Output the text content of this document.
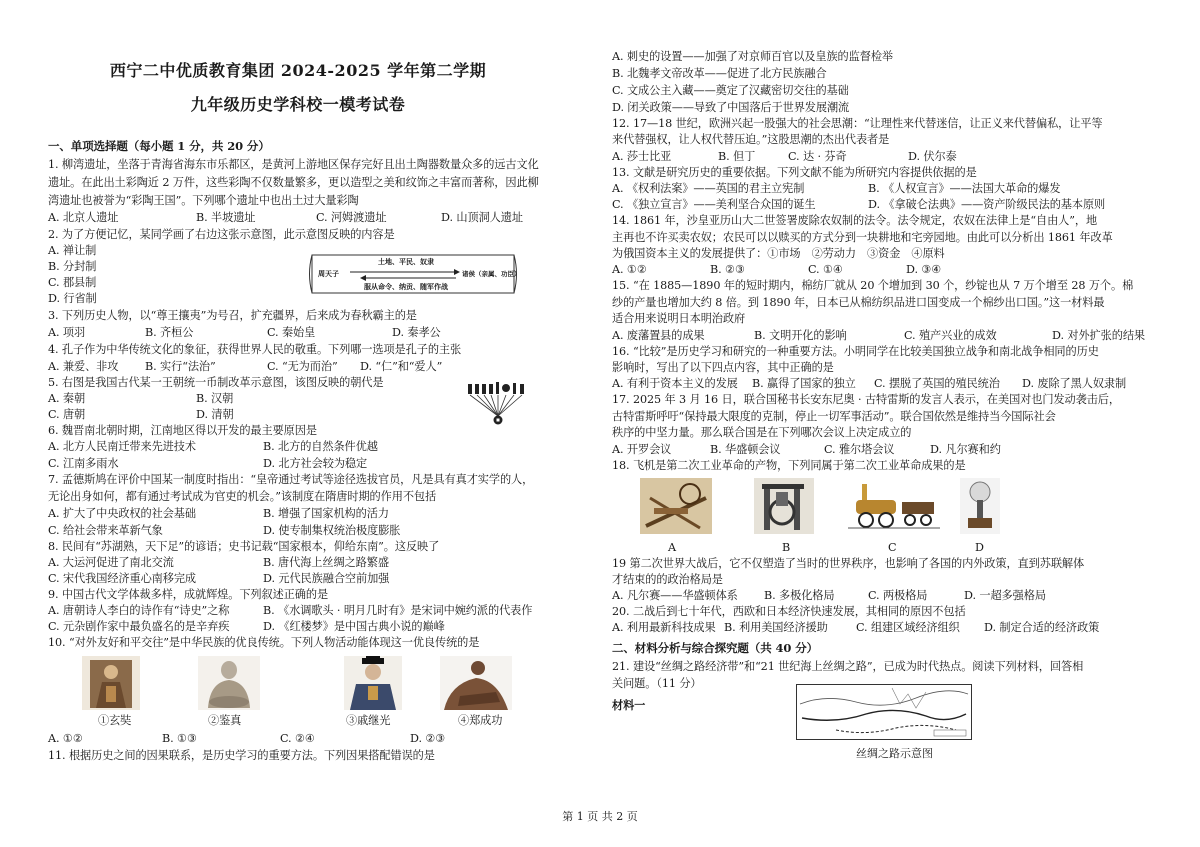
西宁二中优质教育集团 2024-2025 学年第二学期
九年级历史学科校一模考试卷
一、单项选择题（每小题 1 分，共 20 分）
1. 柳湾遗址，坐落于青海省海东市乐都区，是黄河上游地区保存完好且出土陶器数量众多的远古文化
遗址。在此出土彩陶近 2 万件，这些彩陶不仅数量繁多，更以造型之美和纹饰之丰富而著称，因此柳
湾遗址也被誉为“彩陶王国”。下列哪个遗址中也出土过大量彩陶
A. 北京人遗址	B. 半坡遗址	C. 河姆渡遗址	D. 山顶洞人遗址
2. 为了方便记忆，某同学画了右边这张示意图，此示意图反映的内容是
A. 禅让制
B. 分封制
C. 郡县制
D. 行省制
土地、平民、奴隶
周天子	诸侯（亲属、功臣）
服从命令、纳贡、随军作战
3. 下列历史人物，以“尊王攘夷”为号召，扩充疆界，后来成为春秋霸主的是
A. 项羽	B. 齐桓公	C. 秦始皇	D. 秦孝公
4. 孔子作为中华传统文化的象征，获得世界人民的敬重。下列哪一选项是孔子的主张
A. 兼爱、非攻 B. 实行“法治”	C. “无为而治” D. “仁”和“爱人”
5. 右图是我国古代某一王朝统一币制改革示意图，该图反映的朝代是
A. 秦朝	B. 汉朝
C. 唐朝	D. 清朝
6. 魏晋南北朝时期，江南地区得以开发的最主要原因是
A. 北方人民南迁带来先进技术	B. 北方的自然条件优越
C. 江南多雨水	D. 北方社会较为稳定
7. 孟德斯鸠在评价中国某一制度时指出：“皇帝通过考试等途径选拔官员，凡是具有真才实学的人，
无论出身如何，都有通过考试成为官吏的机会。”该制度在隋唐时期的作用不包括
A. 扩大了中央政权的社会基础	B. 增强了国家机构的活力
C. 给社会带来革新气象	D. 使专制集权统治极度膨胀
8. 民间有“苏湖熟，天下足”的谚语；史书记载“国家根本，仰给东南”。这反映了
A. 大运河促进了南北交流	B. 唐代海上丝绸之路繁盛
C. 宋代我国经济重心南移完成	D. 元代民族融合空前加强
9. 中国古代文学体裁多样，成就辉煌。下列叙述正确的是
A. 唐朝诗人李白的诗作有“诗史”之称	B. 《水调歌头 · 明月几时有》是宋词中婉约派的代表作
C. 元杂剧作家中最负盛名的是辛弃疾	D. 《红楼梦》是中国古典小说的巅峰
10. “对外友好和平交往”是中华民族的优良传统。下列人物活动能体现这一优良传统的是
①玄奘	②鉴真	③戚继光	④郑成功
A. ①②	B. ①③	C. ②④	D. ②③
11. 根据历史之间的因果联系，是历史学习的重要方法。下列因果搭配错误的是
A. 刺史的设置——加强了对京师百官以及皇族的监督检举
B. 北魏孝文帝改革——促进了北方民族融合
C. 文成公主入藏——奠定了汉藏密切交往的基础
D. 闭关政策——导致了中国落后于世界发展潮流
12. 17—18 世纪，欧洲兴起一股强大的社会思潮：“让理性来代替迷信，让正义来代替偏私，让平等
来代替强权，让人权代替压迫。”这股思潮的杰出代表者是
A. 莎士比亚	B. 但丁	C. 达 · 芬奇	D. 伏尔泰
13. 文献是研究历史的重要依据。下列文献不能为所研究内容提供依据的是
A. 《权利法案》——英国的君主立宪制	B. 《人权宣言》——法国大革命的爆发
C. 《独立宣言》——美利坚合众国的诞生	D. 《拿破仑法典》——资产阶级民法的基本原则
14. 1861 年，沙皇亚历山大二世签署废除农奴制的法令。法令规定，农奴在法律上是“自由人”，地
主再也不许买卖农奴；农民可以以赎买的方式分到一块耕地和宅旁园地。由此可以分析出 1861 年改革
为俄国资本主义的发展提供了：①市场　②劳动力　③资金　④原料
A. ①②	B. ②③	C. ①④	D. ③④
15. “在 1885—1890 年的短时期内，棉纺厂就从 20 个增加到 30 个，纱锭也从 7 万个增至 28 万个。棉
纱的产量也增加大约 8 倍。到 1890 年，日本已从棉纺织品进口国变成一个棉纱出口国。”这一材料最
适合用来说明日本明治政府
A. 废藩置县的成果	B. 文明开化的影响	C. 殖产兴业的成效	D. 对外扩张的结果
16. “比较”是历史学习和研究的一种重要方法。小明同学在比较美国独立战争和南北战争相同的历史
影响时，写出了以下四点内容，其中正确的是
A. 有利于资本主义的发展 B. 赢得了国家的独立 C. 摆脱了英国的殖民统治 D. 废除了黑人奴隶制
17. 2025 年 3 月 16 日，联合国秘书长安东尼奥 · 古特雷斯的发言人表示，在美国对也门发动袭击后，
古特雷斯呼吁“保持最大限度的克制，停止一切军事活动”。联合国依然是维持当今国际社会
秩序的中坚力量。那么联合国是在下列哪次会议上决定成立的
A. 开罗会议	B. 华盛顿会议	C. 雅尔塔会议	D. 凡尔赛和约
18. 飞机是第二次工业革命的产物，下列同属于第二次工业革命成果的是
A	B	C	D
19 第二次世界大战后，它不仅塑造了当时的世界秩序，也影响了各国的内外政策，直到苏联解体
才结束的的政治格局是
A. 凡尔赛——华盛顿体系 B. 多极化格局	C. 两极格局	D. 一超多强格局
20. 二战后到七十年代，西欧和日本经济快速发展，其相同的原因不包括
A. 利用最新科技成果 B. 利用美国经济援助	C. 组建区域经济组织 D. 制定合适的经济政策
二、材料分析与综合探究题（共 40 分）
21. 建设“丝绸之路经济带”和“21 世纪海上丝绸之路”，已成为时代热点。阅读下列材料，回答相
关问题。（11 分）
材料一
丝绸之路示意图
第 1 页 共 2 页
